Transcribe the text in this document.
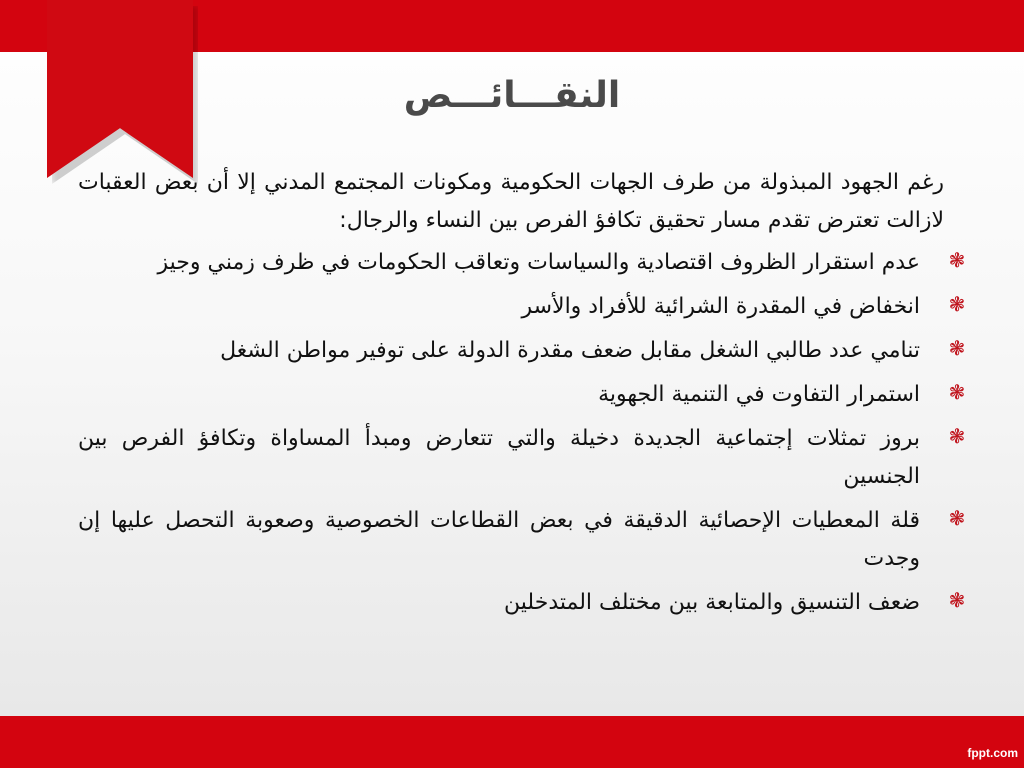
النقـــائـــص

رغم الجهود المبذولة من طرف الجهات الحكومية ومكونات المجتمع المدني إلا أن بعض العقبات لازالت تعترض تقدم مسار تحقيق تكافؤ الفرص بين النساء والرجال:

❃
عدم استقرار الظروف اقتصادية والسياسات وتعاقب الحكومات في ظرف زمني وجيز
❃
انخفاض في المقدرة الشرائية للأفراد والأسر
❃
تنامي عدد طالبي الشغل مقابل ضعف مقدرة الدولة على توفير مواطن الشغل
❃
استمرار التفاوت في التنمية الجهوية
❃
بروز تمثلات إجتماعية الجديدة دخيلة والتي تتعارض ومبدأ المساواة وتكافؤ الفرص بين الجنسين
❃
قلة المعطيات الإحصائية الدقيقة في بعض القطاعات الخصوصية وصعوبة التحصل عليها إن وجدت
❃
ضعف التنسيق والمتابعة بين مختلف المتدخلين
fppt.com
